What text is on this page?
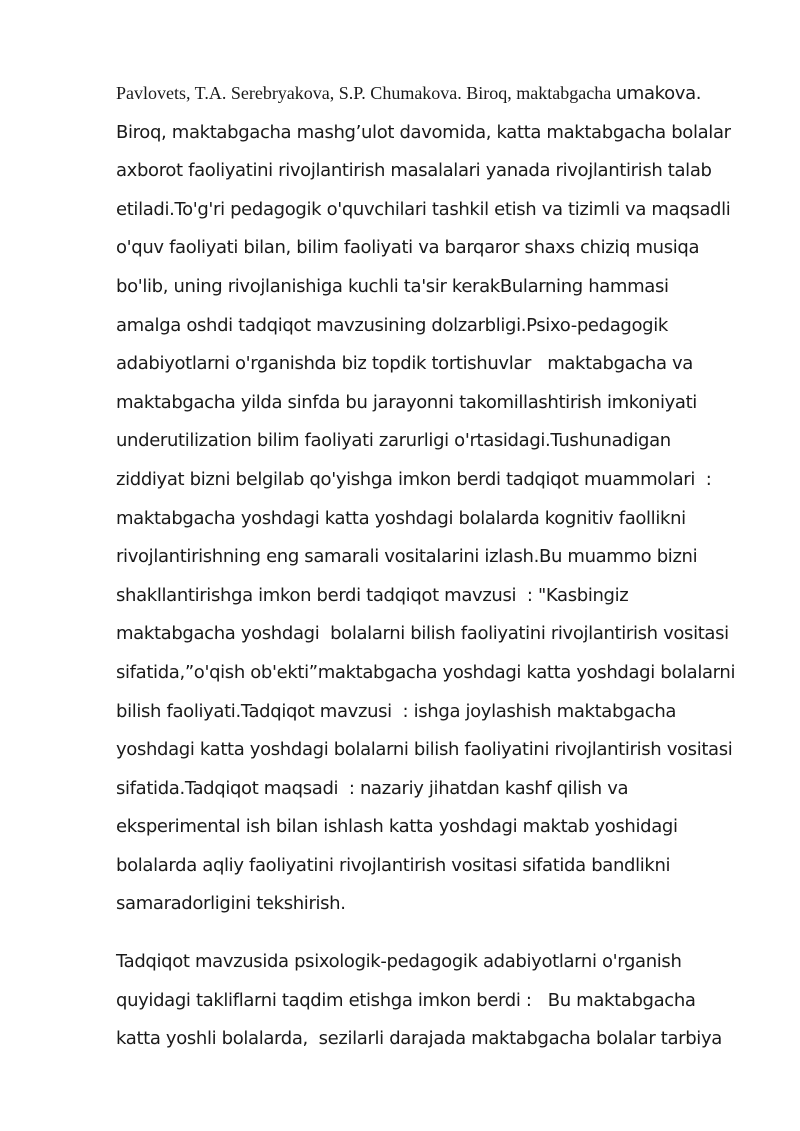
Pavlovets, T.A. Serebryakova, S.P. Chumakova. Biroq, maktabgacha umakova.
Biroq, maktabgacha mashg’ulot davomida, katta maktabgacha bolalar
axborot faoliyatini rivojlantirish masalalari yanada rivojlantirish talab
etiladi.To'g'ri pedagogik o'quvchilari tashkil etish va tizimli va maqsadli
o'quv faoliyati bilan, bilim faoliyati va barqaror shaxs chiziq musiqa
bo'lib, uning rivojlanishiga kuchli ta'sir kerakBularning hammasi
amalga oshdi tadqiqot mavzusining dolzarbligi.Psixo-pedagogik
adabiyotlarni o'rganishda biz topdik tortishuvlar   maktabgacha va
maktabgacha yilda sinfda bu jarayonni takomillashtirish imkoniyati
underutilization bilim faoliyati zarurligi o'rtasidagi.Tushunadigan
ziddiyat bizni belgilab qo'yishga imkon berdi tadqiqot muammolari  :
maktabgacha yoshdagi katta yoshdagi bolalarda kognitiv faollikni
rivojlantirishning eng samarali vositalarini izlash.Bu muammo bizni
shakllantirishga imkon berdi tadqiqot mavzusi  : "Kasbingiz
maktabgacha yoshdagi  bolalarni bilish faoliyatini rivojlantirish vositasi
sifatida,”o'qish ob'ekti”maktabgacha yoshdagi katta yoshdagi bolalarni
bilish faoliyati.Tadqiqot mavzusi  : ishga joylashish maktabgacha
yoshdagi katta yoshdagi bolalarni bilish faoliyatini rivojlantirish vositasi
sifatida.Tadqiqot maqsadi  : nazariy jihatdan kashf qilish va
eksperimental ish bilan ishlash katta yoshdagi maktab yoshidagi
bolalarda aqliy faoliyatini rivojlantirish vositasi sifatida bandlikni
samaradorligini tekshirish.
Tadqiqot mavzusida psixologik-pedagogik adabiyotlarni o'rganish
quyidagi takliflarni taqdim etishga imkon berdi :   Bu maktabgacha
katta yoshli bolalarda,  sezilarli darajada maktabgacha bolalar tarbiya
